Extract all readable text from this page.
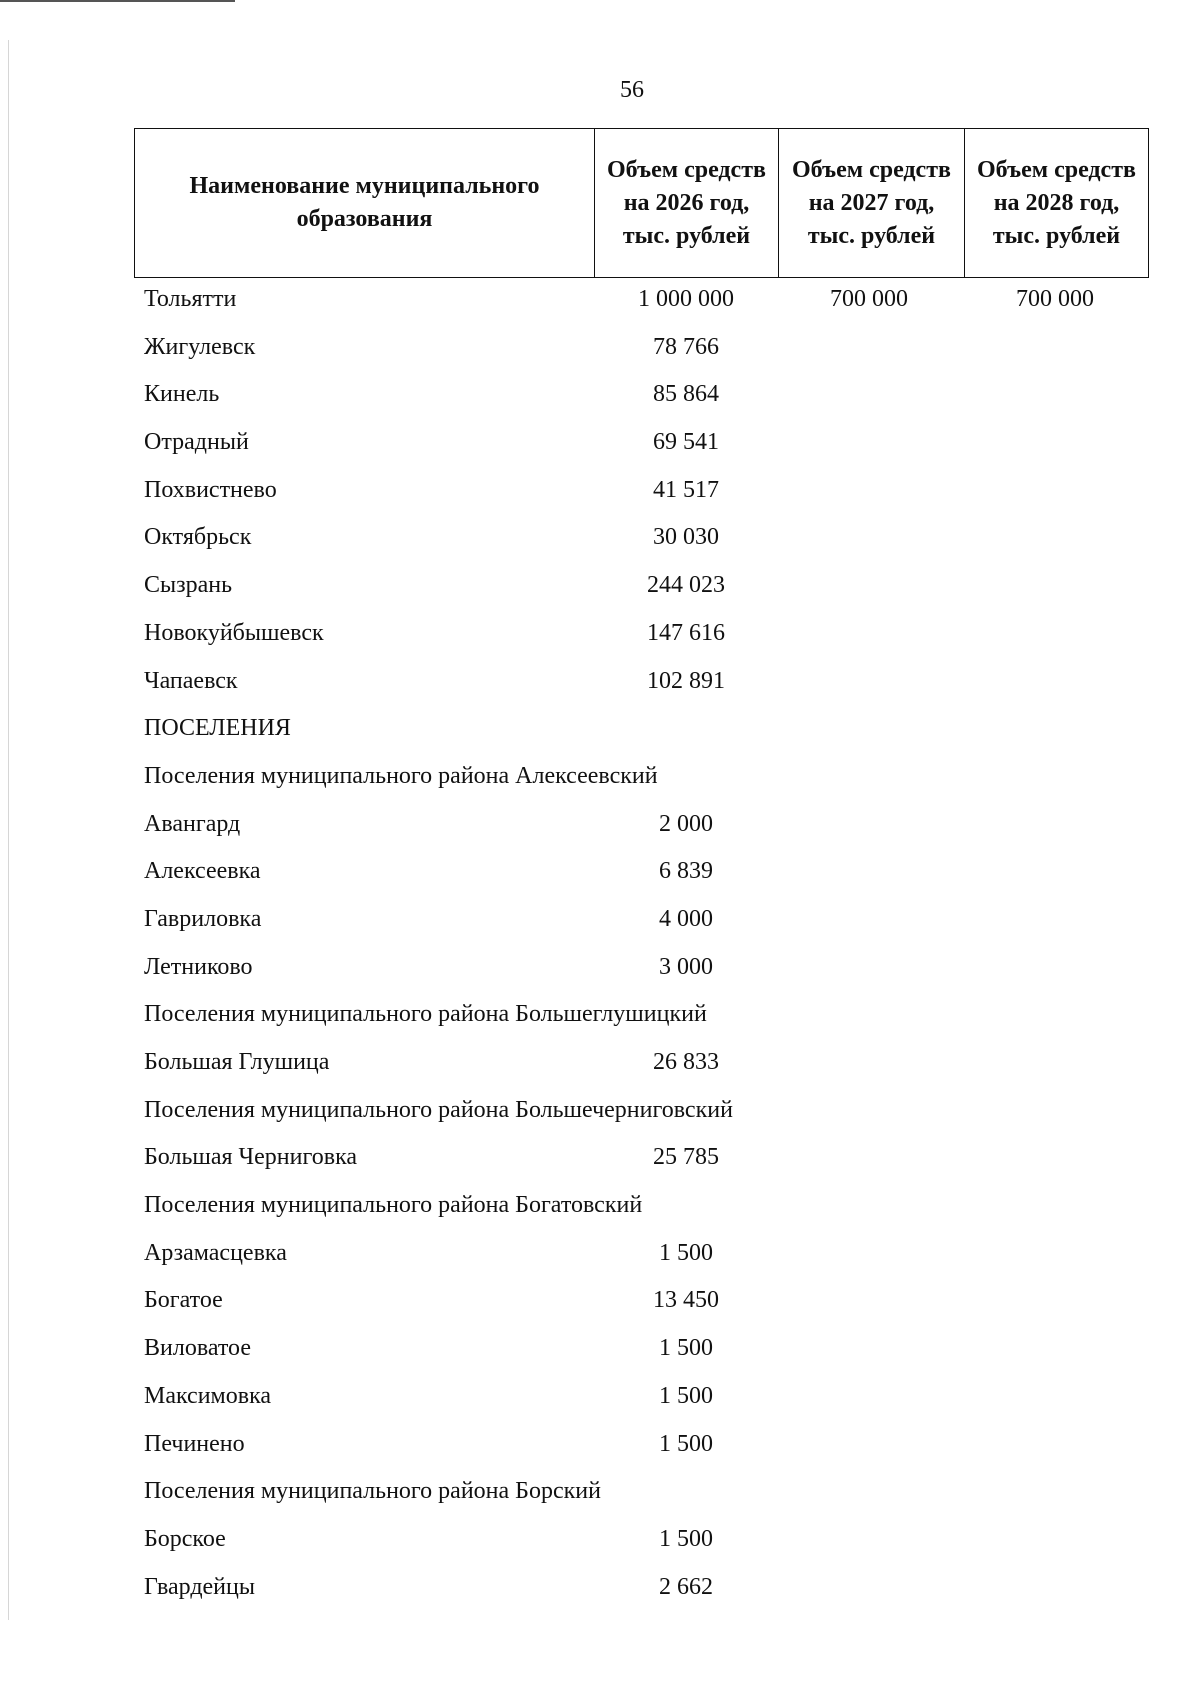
56
Наименование муниципального образования	Объем средств на 2026 год, тыс. рублей	Объем средств на 2027 год, тыс. рублей	Объем средств на 2028 год, тыс. рублей
Тольятти	1 000 000	700 000	700 000
Жигулевск	78 766
Кинель	85 864
Отрадный	69 541
Похвистнево	41 517
Октябрьск	30 030
Сызрань	244 023
Новокуйбышевск	147 616
Чапаевск	102 891
ПОСЕЛЕНИЯ
Поселения муниципального района Алексеевский
Авангард	2 000
Алексеевка	6 839
Гавриловка	4 000
Летниково	3 000
Поселения муниципального района Большеглушицкий
Большая Глушица	26 833
Поселения муниципального района Большечерниговский
Большая Черниговка	25 785
Поселения муниципального района Богатовский
Арзамасцевка	1 500
Богатое	13 450
Виловатое	1 500
Максимовка	1 500
Печинено	1 500
Поселения муниципального района Борский
Борское	1 500
Гвардейцы	2 662
